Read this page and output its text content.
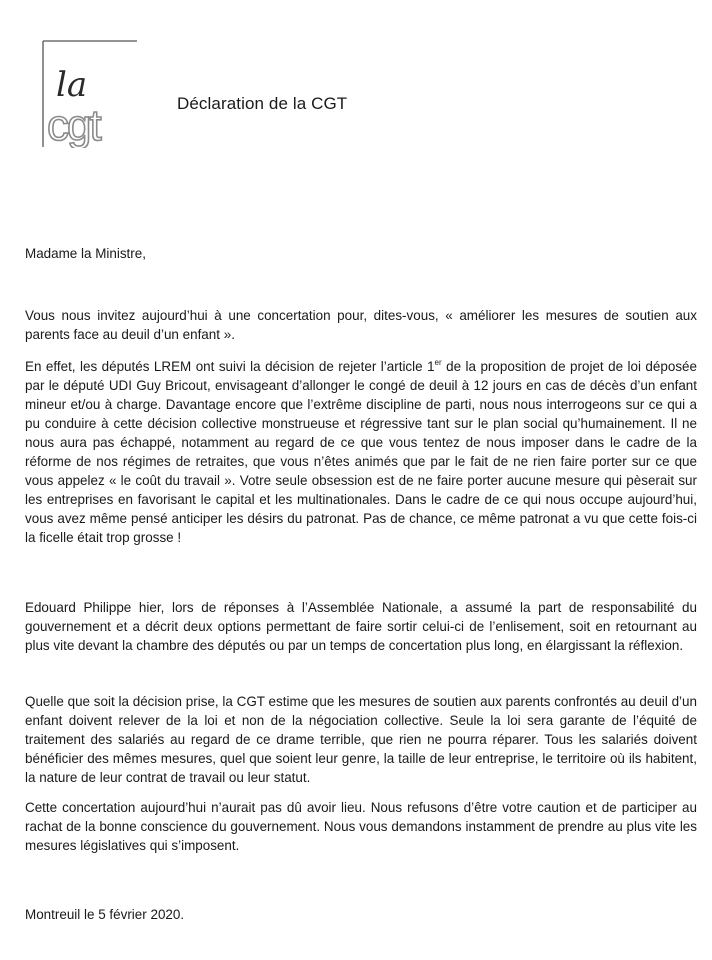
la
cgt	Déclaration de la CGT

Madame la Ministre,

Vous nous invitez aujourd’hui à une concertation pour, dites-vous, « améliorer les mesures de soutien aux parents face au deuil d’un enfant ».

En effet, les députés LREM ont suivi la décision de rejeter l’article 1er de la proposition de projet de loi déposée par le député UDI Guy Bricout, envisageant d’allonger le congé de deuil à 12 jours en cas de décès d’un enfant mineur et/ou à charge. Davantage encore que l’extrême discipline de parti, nous nous interrogeons sur ce qui a pu conduire à cette décision collective monstrueuse et régressive tant sur le plan social qu’humainement. Il ne nous aura pas échappé, notamment au regard de ce que vous tentez de nous imposer dans le cadre de la réforme de nos régimes de retraites, que vous n’êtes animés que par le fait de ne rien faire porter sur ce que vous appelez « le coût du travail ». Votre seule obsession est de ne faire porter aucune mesure qui pèserait sur les entreprises en favorisant le capital et les multinationales. Dans le cadre de ce qui nous occupe aujourd’hui, vous avez même pensé anticiper les désirs du patronat. Pas de chance, ce même patronat a vu que cette fois-ci la ficelle était trop grosse !

Edouard Philippe hier, lors de réponses à l’Assemblée Nationale, a assumé la part de responsabilité du gouvernement et a décrit deux options permettant de faire sortir celui-ci de l’enlisement, soit en retournant au plus vite devant la chambre des députés ou par un temps de concertation plus long, en élargissant la réflexion.

Quelle que soit la décision prise, la CGT estime que les mesures de soutien aux parents confrontés au deuil d’un enfant doivent relever de la loi et non de la négociation collective. Seule la loi sera garante de l’équité de traitement des salariés au regard de ce drame terrible, que rien ne pourra réparer. Tous les salariés doivent bénéficier des mêmes mesures, quel que soient leur genre, la taille de leur entreprise, le territoire où ils habitent, la nature de leur contrat de travail ou leur statut.

Cette concertation aujourd’hui n’aurait pas dû avoir lieu. Nous refusons d’être votre caution et de participer au rachat de la bonne conscience du gouvernement. Nous vous demandons instamment de prendre au plus vite les mesures législatives qui s’imposent.

Montreuil le 5 février 2020.
